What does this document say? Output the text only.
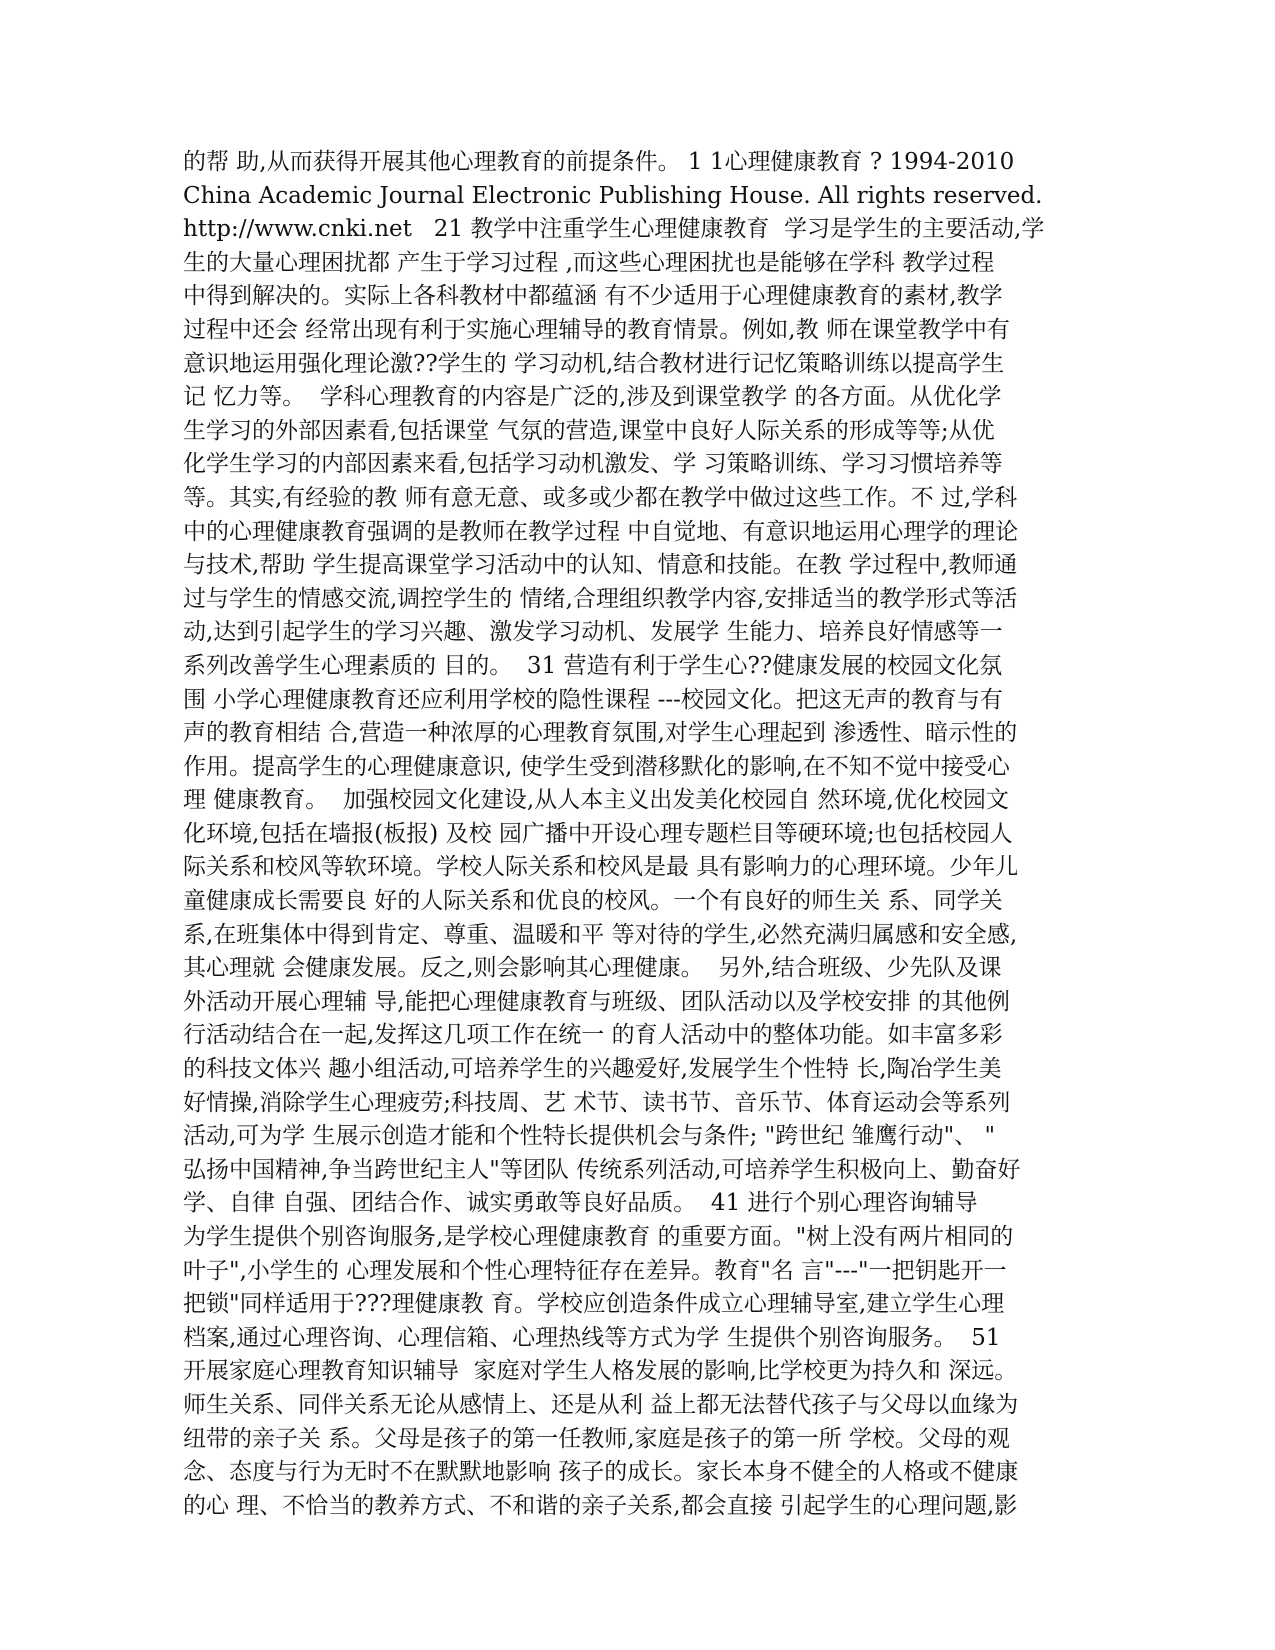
的帮 助,从而获得开展其他心理教育的前提条件。 1 1心理健康教育 ? 1994-2010
China Academic Journal Electronic Publishing House. All rights reserved.
http://www.cnki.net   21 教学中注重学生心理健康教育  学习是学生的主要活动,学
生的大量心理困扰都 产生于学习过程 ,而这些心理困扰也是能够在学科 教学过程
中得到解决的。实际上各科教材中都蕴涵 有不少适用于心理健康教育的素材,教学
过程中还会 经常出现有利于实施心理辅导的教育情景。例如,教 师在课堂教学中有
意识地运用强化理论激??学生的 学习动机,结合教材进行记忆策略训练以提高学生
记 忆力等。  学科心理教育的内容是广泛的,涉及到课堂教学 的各方面。从优化学
生学习的外部因素看,包括课堂 气氛的营造,课堂中良好人际关系的形成等等;从优
化学生学习的内部因素来看,包括学习动机激发、学 习策略训练、学习习惯培养等
等。其实,有经验的教 师有意无意、或多或少都在教学中做过这些工作。不 过,学科
中的心理健康教育强调的是教师在教学过程 中自觉地、有意识地运用心理学的理论
与技术,帮助 学生提高课堂学习活动中的认知、情意和技能。在教 学过程中,教师通
过与学生的情感交流,调控学生的 情绪,合理组织教学内容,安排适当的教学形式等活
动,达到引起学生的学习兴趣、激发学习动机、发展学 生能力、培养良好情感等一
系列改善学生心理素质的 目的。  31 营造有利于学生心??健康发展的校园文化氛
围 小学心理健康教育还应利用学校的隐性课程 ---校园文化。把这无声的教育与有
声的教育相结 合,营造一种浓厚的心理教育氛围,对学生心理起到 渗透性、暗示性的
作用。提高学生的心理健康意识, 使学生受到潜移默化的影响,在不知不觉中接受心
理 健康教育。  加强校园文化建设,从人本主义出发美化校园自 然环境,优化校园文
化环境,包括在墙报(板报) 及校 园广播中开设心理专题栏目等硬环境;也包括校园人
际关系和校风等软环境。学校人际关系和校风是最 具有影响力的心理环境。少年儿
童健康成长需要良 好的人际关系和优良的校风。一个有良好的师生关 系、同学关
系,在班集体中得到肯定、尊重、温暖和平 等对待的学生,必然充满归属感和安全感,
其心理就 会健康发展。反之,则会影响其心理健康。  另外,结合班级、少先队及课
外活动开展心理辅 导,能把心理健康教育与班级、团队活动以及学校安排 的其他例
行活动结合在一起,发挥这几项工作在统一 的育人活动中的整体功能。如丰富多彩
的科技文体兴 趣小组活动,可培养学生的兴趣爱好,发展学生个性特 长,陶冶学生美
好情操,消除学生心理疲劳;科技周、艺 术节、读书节、音乐节、体育运动会等系列
活动,可为学 生展示创造才能和个性特长提供机会与条件; "跨世纪 雏鹰行动"、 "
弘扬中国精神,争当跨世纪主人"等团队 传统系列活动,可培养学生积极向上、勤奋好
学、自律 自强、团结合作、诚实勇敢等良好品质。  41 进行个别心理咨询辅导
为学生提供个别咨询服务,是学校心理健康教育 的重要方面。"树上没有两片相同的
叶子",小学生的 心理发展和个性心理特征存在差异。教育"名 言"---"一把钥匙开一
把锁"同样适用于???理健康教 育。学校应创造条件成立心理辅导室,建立学生心理
档案,通过心理咨询、心理信箱、心理热线等方式为学 生提供个别咨询服务。  51
开展家庭心理教育知识辅导  家庭对学生人格发展的影响,比学校更为持久和 深远。
师生关系、同伴关系无论从感情上、还是从利 益上都无法替代孩子与父母以血缘为
纽带的亲子关 系。父母是孩子的第一任教师,家庭是孩子的第一所 学校。父母的观
念、态度与行为无时不在默默地影响 孩子的成长。家长本身不健全的人格或不健康
的心 理、不恰当的教养方式、不和谐的亲子关系,都会直接 引起学生的心理问题,影
